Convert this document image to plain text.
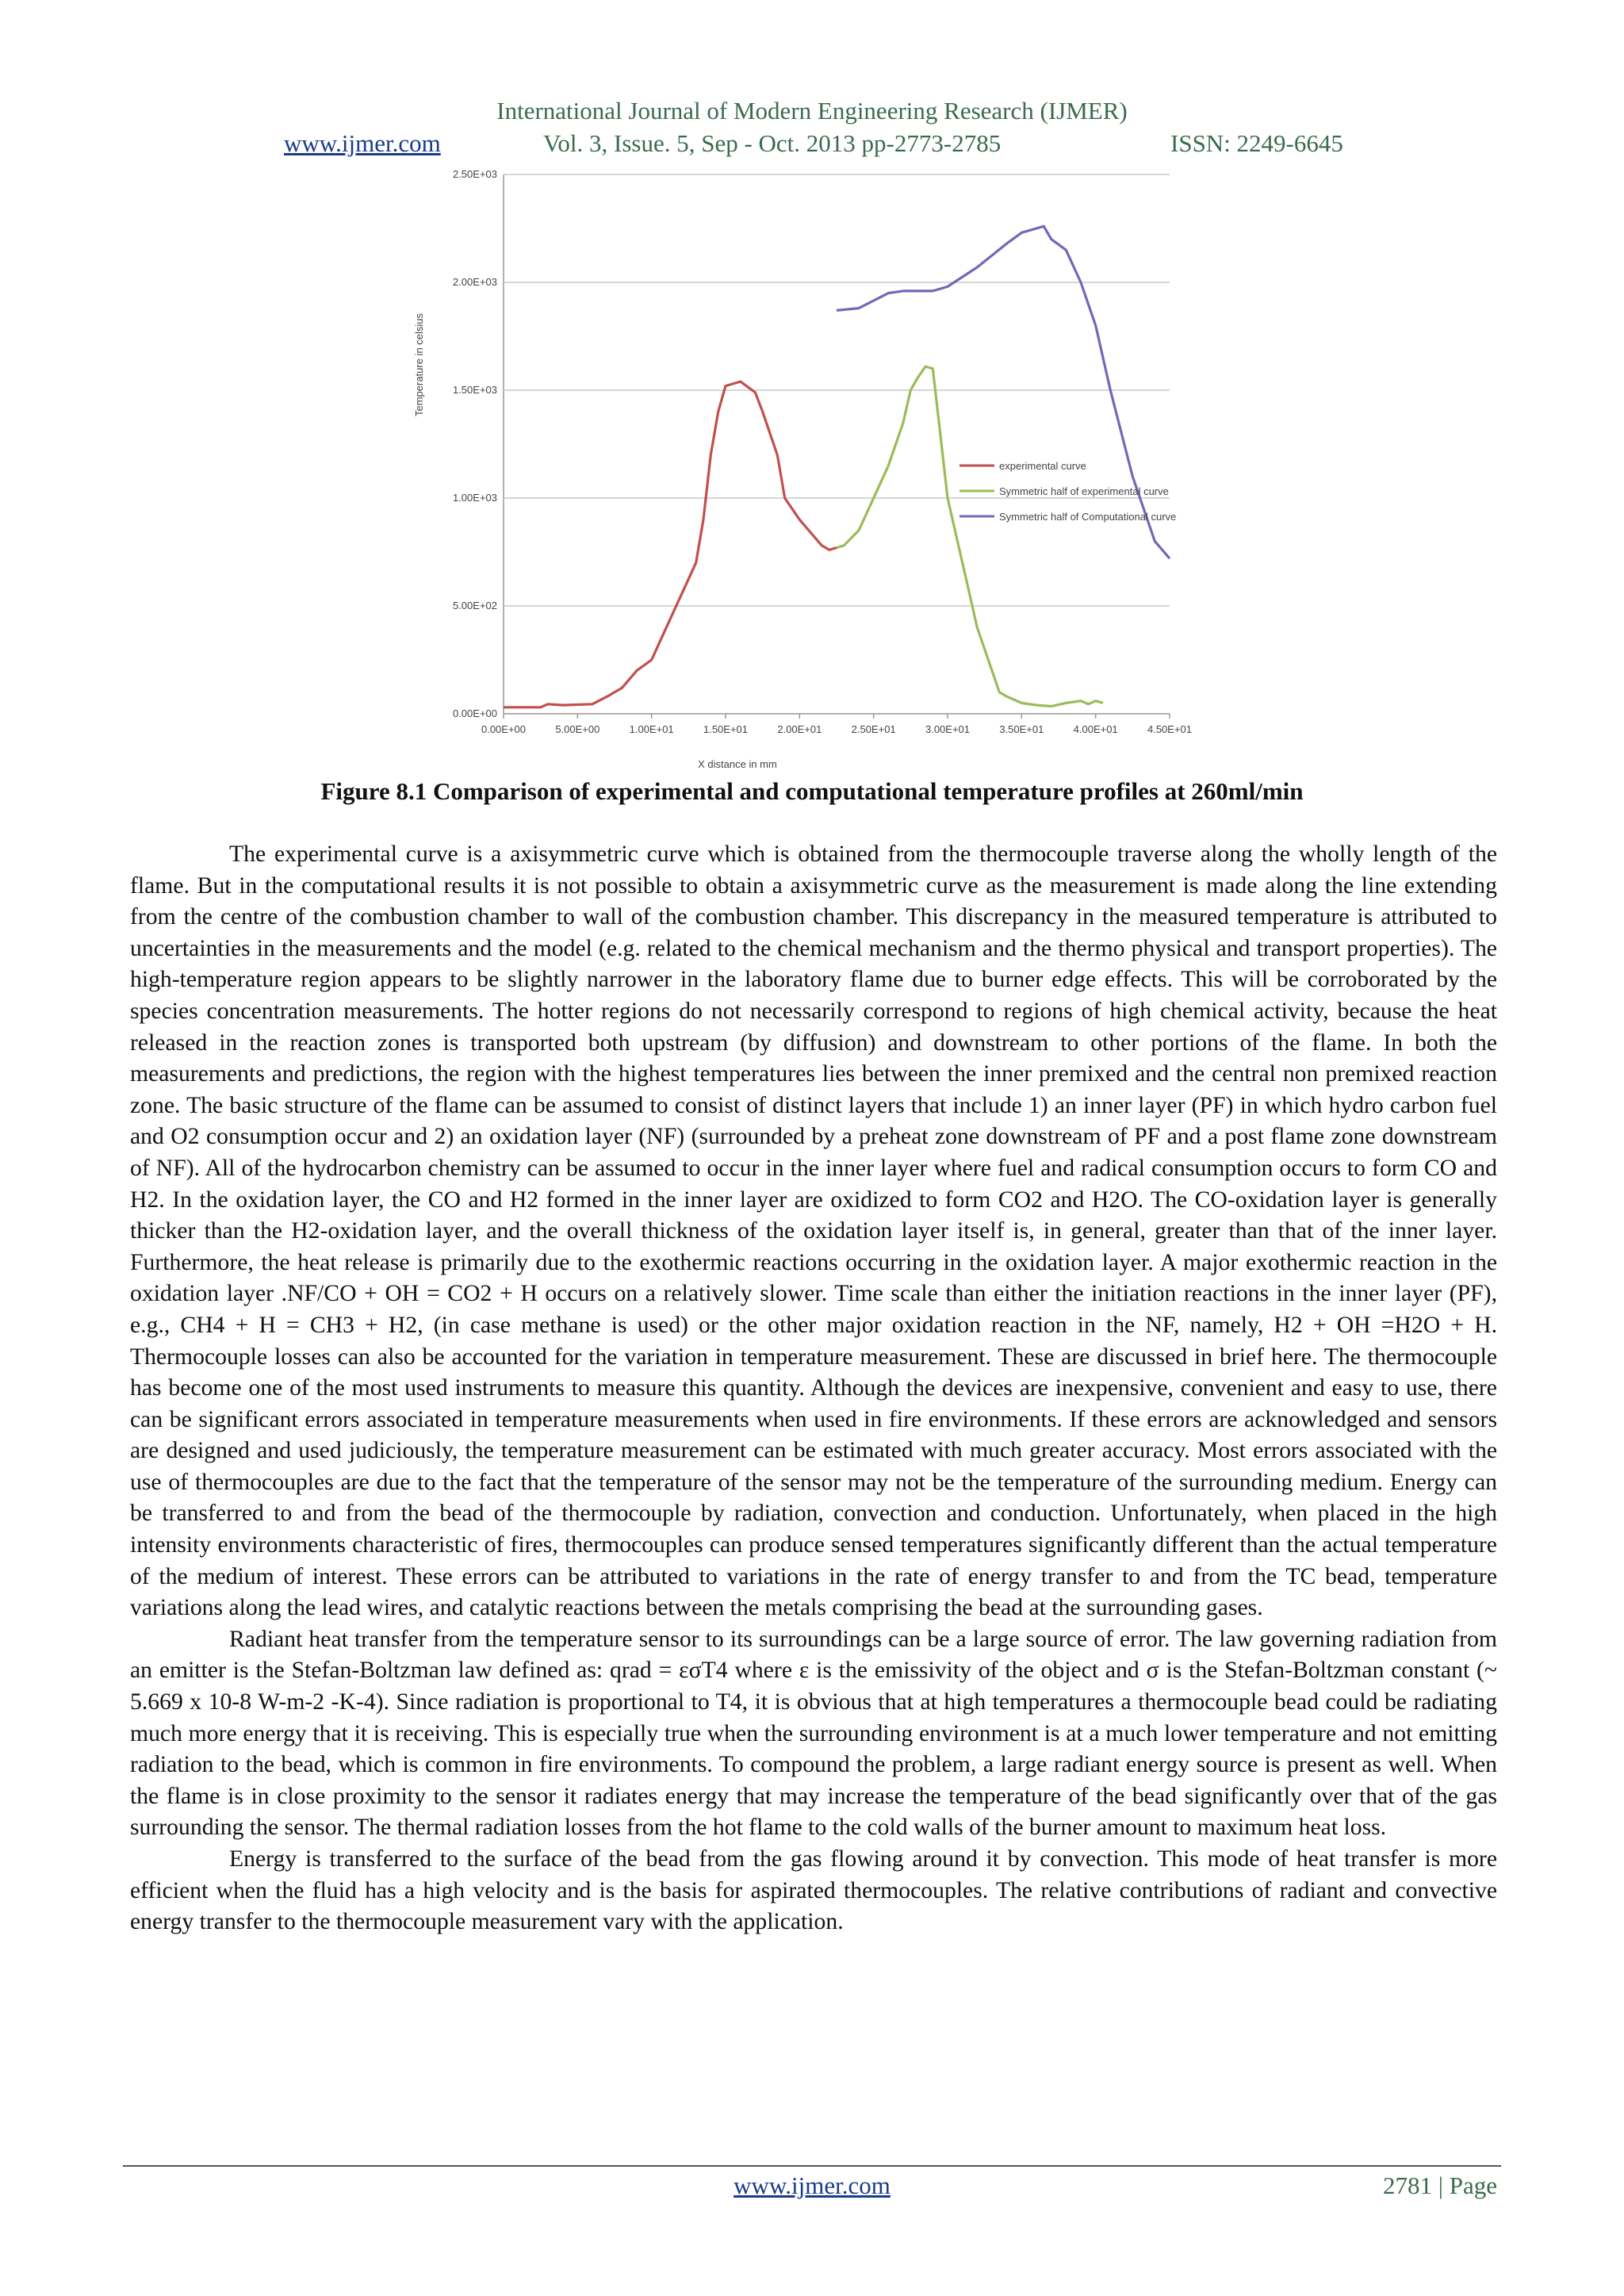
International Journal of Modern Engineering Research (IJMER)
www.ijmer.com	Vol. 3, Issue. 5, Sep - Oct. 2013 pp-2773-2785	ISSN: 2249-6645
0.00E+00
5.00E+02
1.00E+03
1.50E+03
2.00E+03
2.50E+03
0.00E+00	5.00E+00	1.00E+01	1.50E+01	2.00E+01	2.50E+01	3.00E+01	3.50E+01	4.00E+01	4.50E+01
experimental curve
Symmetric half of experimental curve
Symmetric half of Computational curve
Temperature in celsius
X distance in mm
Figure 8.1 Comparison of experimental and computational temperature profiles at 260ml/min

The experimental curve is a axisymmetric curve which is obtained from the thermocouple traverse along the wholly length of the flame. But in the computational results it is not possible to obtain a axisymmetric curve as the measurement is made along the line extending from the centre of the combustion chamber to wall of the combustion chamber. This discrepancy in the measured temperature is attributed to uncertainties in the measurements and the model (e.g. related to the chemical mechanism and the thermo physical and transport properties). The high-temperature region appears to be slightly narrower in the laboratory flame due to burner edge effects. This will be corroborated by the species concentration measurements. The hotter regions do not necessarily correspond to regions of high chemical activity, because the heat released in the reaction zones is transported both upstream (by diffusion) and downstream to other portions of the flame. In both the measurements and predictions, the region with the highest temperatures lies between the inner premixed and the central non premixed reaction zone. The basic structure of the flame can be assumed to consist of distinct layers that include 1) an inner layer (PF) in which hydro carbon fuel and O2 consumption occur and 2) an oxidation layer (NF) (surrounded by a preheat zone downstream of PF and a post flame zone downstream of NF). All of the hydrocarbon chemistry can be assumed to occur in the inner layer where fuel and radical consumption occurs to form CO and H2. In the oxidation layer, the CO and H2 formed in the inner layer are oxidized to form CO2 and H2O. The CO-oxidation layer is generally thicker than the H2-oxidation layer, and the overall thickness of the oxidation layer itself is, in general, greater than that of the inner layer. Furthermore, the heat release is primarily due to the exothermic reactions occurring in the oxidation layer. A major exothermic reaction in the oxidation layer .NF/CO + OH = CO2 + H occurs on a relatively slower. Time scale than either the initiation reactions in the inner layer (PF), e.g., CH4 + H = CH3 + H2, (in case methane is used) or the other major oxidation reaction in the NF, namely, H2 + OH =H2O + H. Thermocouple losses can also be accounted for the variation in temperature measurement. These are discussed in brief here. The thermocouple has become one of the most used instruments to measure this quantity. Although the devices are inexpensive, convenient and easy to use, there can be significant errors associated in temperature measurements when used in fire environments. If these errors are acknowledged and sensors are designed and used judiciously, the temperature measurement can be estimated with much greater accuracy. Most errors associated with the use of thermocouples are due to the fact that the temperature of the sensor may not be the temperature of the surrounding medium. Energy can be transferred to and from the bead of the thermocouple by radiation, convection and conduction. Unfortunately, when placed in the high intensity environments characteristic of fires, thermocouples can produce sensed temperatures significantly different than the actual temperature of the medium of interest. These errors can be attributed to variations in the rate of energy transfer to and from the TC bead, temperature variations along the lead wires, and catalytic reactions between the metals comprising the bead at the surrounding gases.

Radiant heat transfer from the temperature sensor to its surroundings can be a large source of error. The law governing radiation from an emitter is the Stefan-Boltzman law defined as: qrad = εσT4 where ε is the emissivity of the object and σ is the Stefan-Boltzman constant (~ 5.669 x 10-8 W-m-2 -K-4). Since radiation is proportional to T4, it is obvious that at high temperatures a thermocouple bead could be radiating much more energy that it is receiving. This is especially true when the surrounding environment is at a much lower temperature and not emitting radiation to the bead, which is common in fire environments. To compound the problem, a large radiant energy source is present as well. When the flame is in close proximity to the sensor it radiates energy that may increase the temperature of the bead significantly over that of the gas surrounding the sensor. The thermal radiation losses from the hot flame to the cold walls of the burner amount to maximum heat loss.

Energy is transferred to the surface of the bead from the gas flowing around it by convection. This mode of heat transfer is more efficient when the fluid has a high velocity and is the basis for aspirated thermocouples. The relative contributions of radiant and convective energy transfer to the thermocouple measurement vary with the application.

www.ijmer.com	2781 | Page
